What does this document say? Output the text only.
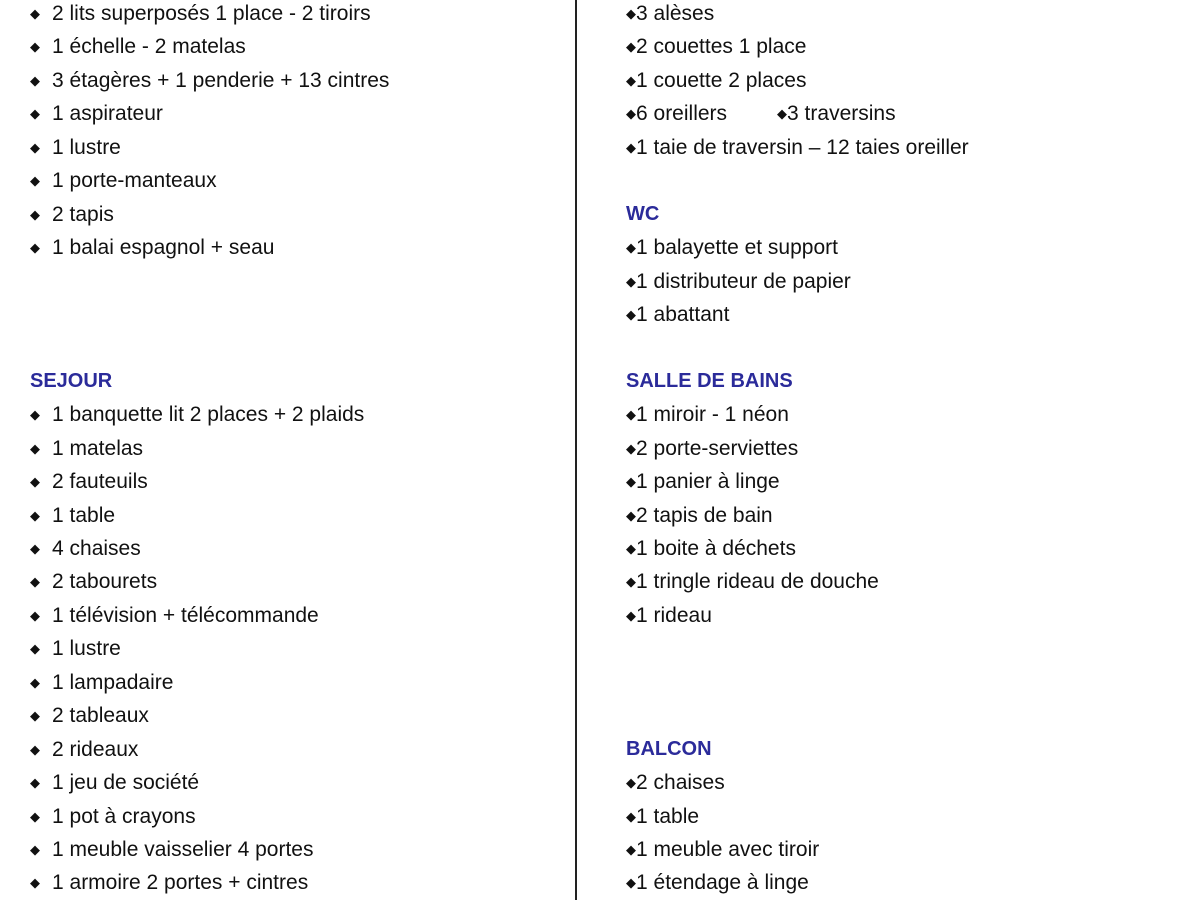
◆ 2 lits superposés 1 place - 2 tiroirs
◆ 1 échelle - 2 matelas
◆ 3 étagères + 1 penderie + 13 cintres
◆ 1 aspirateur
◆ 1 lustre
◆ 1 porte-manteaux
◆ 2 tapis
◆ 1 balai espagnol + seau
SEJOUR
◆ 1 banquette lit 2 places + 2 plaids
◆ 1 matelas
◆ 2 fauteuils
◆ 1 table
◆ 4 chaises
◆ 2 tabourets
◆ 1 télévision + télécommande
◆ 1 lustre
◆ 1 lampadaire
◆ 2 tableaux
◆ 2 rideaux
◆ 1 jeu de société
◆ 1 pot à crayons
◆ 1 meuble vaisselier 4 portes
◆ 1 armoire 2 portes + cintres
◆3 alèses
◆2 couettes 1 place
◆1 couette 2 places
◆6 oreillers	◆3 traversins
◆1 taie de traversin – 12 taies oreiller
WC
◆1 balayette et support
◆1 distributeur de papier
◆1 abattant
SALLE DE BAINS
◆1 miroir - 1 néon
◆2 porte-serviettes
◆1 panier à linge
◆2 tapis de bain
◆1 boite à déchets
◆1 tringle rideau de douche
◆1 rideau
BALCON
◆2 chaises
◆1 table
◆1 meuble avec tiroir
◆1 étendage à linge
